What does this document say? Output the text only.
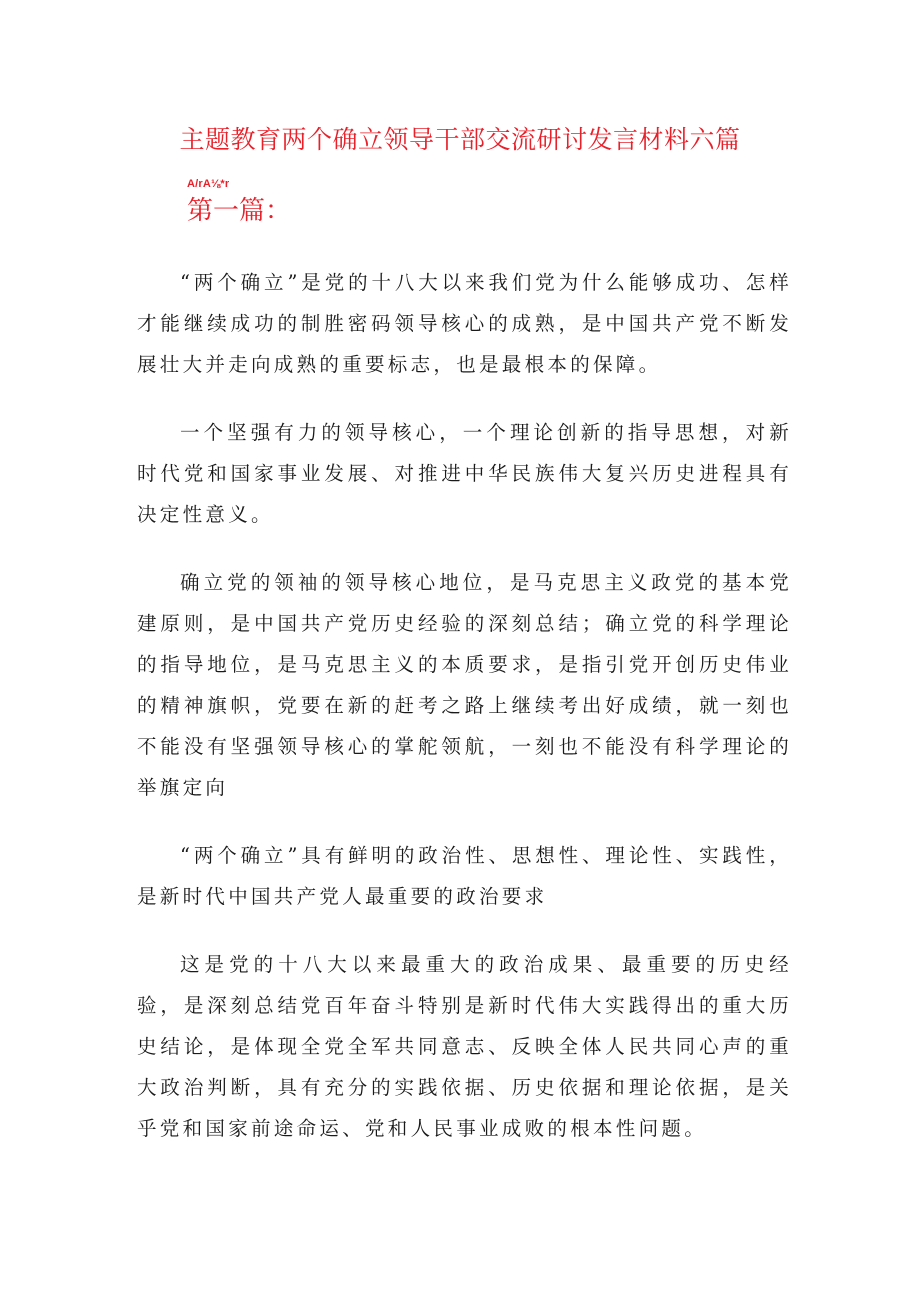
主题教育两个确立领导干部交流研讨发言材料六篇
A/rA⅛*r
第一篇：

“两个确立”是党的十八大以来我们党为什么能够成功、怎样才能继续成功的制胜密码领导核心的成熟，是中国共产党不断发展壮大并走向成熟的重要标志，也是最根本的保障。

一个坚强有力的领导核心，一个理论创新的指导思想，对新时代党和国家事业发展、对推进中华民族伟大复兴历史进程具有决定性意义。

确立党的领袖的领导核心地位，是马克思主义政党的基本党建原则，是中国共产党历史经验的深刻总结；确立党的科学理论的指导地位，是马克思主义的本质要求，是指引党开创历史伟业的精神旗帜，党要在新的赶考之路上继续考出好成绩，就一刻也不能没有坚强领导核心的掌舵领航，一刻也不能没有科学理论的举旗定向

“两个确立”具有鲜明的政治性、思想性、理论性、实践性，是新时代中国共产党人最重要的政治要求

这是党的十八大以来最重大的政治成果、最重要的历史经验，是深刻总结党百年奋斗特别是新时代伟大实践得出的重大历史结论，是体现全党全军共同意志、反映全体人民共同心声的重大政治判断，具有充分的实践依据、历史依据和理论依据，是关乎党和国家前途命运、党和人民事业成败的根本性问题。
